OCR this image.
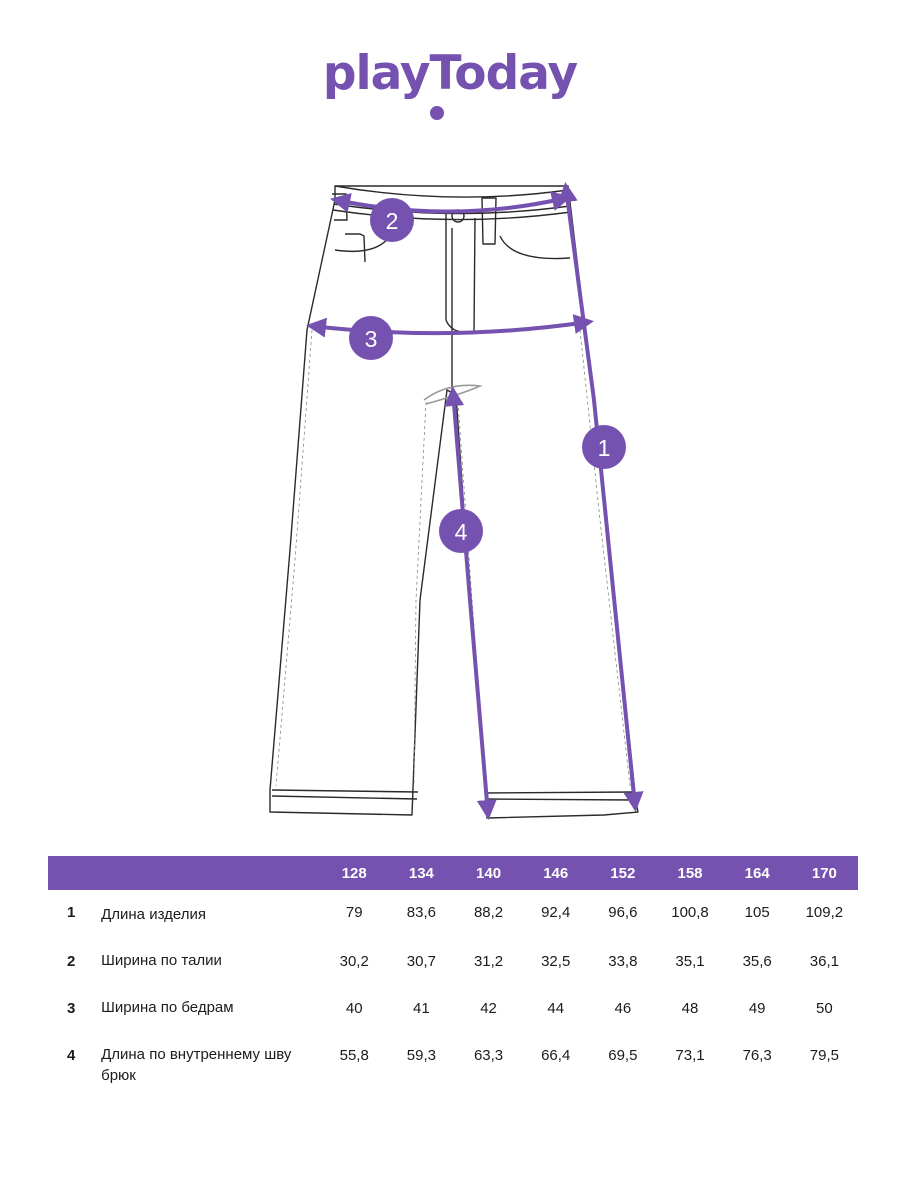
playToday
2
3
1
4
		128	134	140	146	152	158	164	170
1	Длина изделия	79	83,6	88,2	92,4	96,6	100,8	105	109,2
2	Ширина по талии	30,2	30,7	31,2	32,5	33,8	35,1	35,6	36,1
3	Ширина по бедрам	40	41	42	44	46	48	49	50
4	Длина по внутреннему шву брюк	55,8	59,3	63,3	66,4	69,5	73,1	76,3	79,5
